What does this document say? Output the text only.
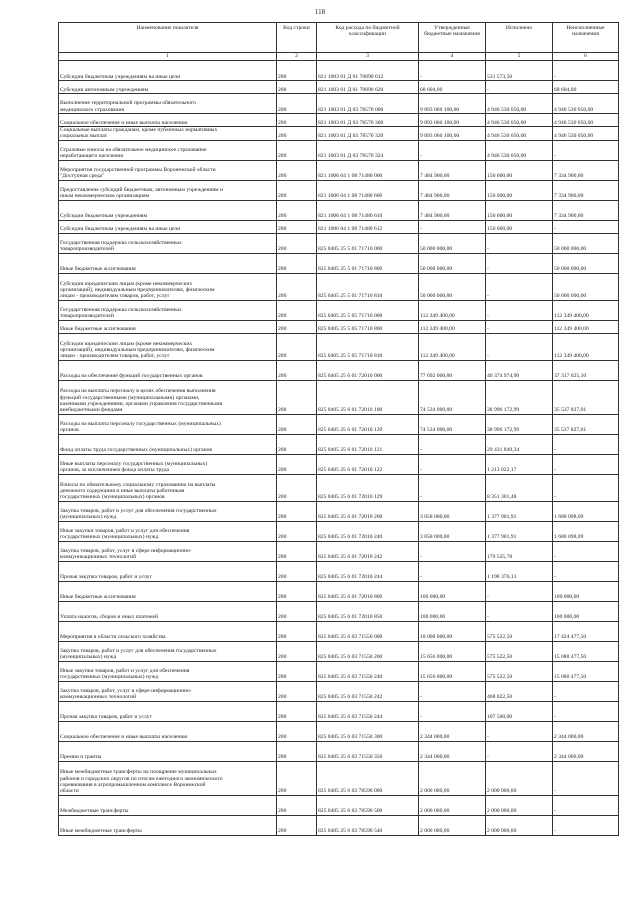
118
Наименование показателя	Код строки	Код расхода по бюджетной классификации	Утвержденные бюджетные назначения	Исполнено	Неисполненные назначения
1	2	3	4	5	6
Субсидии бюджетным учреждениям на иные цели	200	821 1003 01 Д 01 70890 612	-	531 573,50	-
Субсидии автономным учреждениям	200	821 1003 01 Д 01 70890 620	68 604,00	-	68 604,00
Выполнение территориальной программы обязательного
медицинского страхования	200	821 1003 01 Д 03 78570 000	9 893 060 100,00	4 946 530 050,00	4 946 530 050,00
Социальное обеспечение и иные выплаты населению	200	821 1003 01 Д 03 78570 300	9 893 060 100,00	4 946 530 050,00	4 946 530 050,00
Социальные выплаты гражданам, кроме публичных нормативных
социальных выплат	200	821 1003 01 Д 03 78570 320	9 893 060 100,00	4 946 530 050,00	4 946 530 050,00
Страховые взносы на обязательное медицинское страхование
неработающего населения	200	821 1003 01 Д 03 78570 324	-	4 946 530 050,00	-
Мероприятия государственной программы Воронежской области
"Доступная среда"	200	821 1006 04 1 08 71480 000	7 484 900,00	150 000,00	7 334 900,00
Предоставление субсидий бюджетным, автономным учреждениям и
иным некоммерческим организациям	200	821 1006 04 1 08 71480 600	7 484 900,00	150 000,00	7 334 900,00
Субсидии бюджетным учреждениям	200	821 1006 04 1 08 71480 610	7 484 900,00	150 000,00	7 334 900,00
Субсидии бюджетным учреждениям на иные цели	200	821 1006 04 1 08 71480 612	-	150 000,00	-
Государственная поддержка сельскохозяйственных
товаропроизводителей	200	825 0405 25 5 01 71710 000	50 000 000,00	-	50 000 000,00
Иные бюджетные ассигнования	200	825 0405 25 5 01 71710 800	50 000 000,00	-	50 000 000,00
Субсидии юридическим лицам (кроме некоммерческих
организаций), индивидуальным предпринимателям, физическим
лицам - производителям товаров, работ, услуг	200	825 0405 25 5 01 71710 810	50 000 000,00	-	50 000 000,00
Государственная поддержка сельскохозяйственных
товаропроизводителей	200	825 0405 25 5 05 71710 000	112 349 400,00	-	112 349 400,00
Иные бюджетные ассигнования	200	825 0405 25 5 05 71710 800	112 349 400,00	-	112 349 400,00
Субсидии юридическим лицам (кроме некоммерческих
организаций), индивидуальным предпринимателям, физическим
лицам - производителям товаров, работ, услуг	200	825 0405 25 5 05 71710 810	112 349 400,00	-	112 349 400,00
Расходы на обеспечение функций государственных органов	200	825 0405 25 6 01 72010 000	77 692 000,00	40 374 974,90	37 317 025,10
Расходы на выплаты персоналу в целях обеспечения выполнения
функций государственными (муниципальными) органами,
казенными учреждениями, органами управления государственными
внебюджетными фондами	200	825 0405 25 6 01 72010 100	74 534 000,00	38 996 172,99	35 537 827,01
Расходы на выплаты персоналу государственных (муниципальных)
органов	200	825 0405 25 6 01 72010 120	74 534 000,00	38 996 172,99	35 537 827,01
Фонд оплаты труда государственных (муниципальных) органов	200	825 0405 25 6 01 72010 121	-	29 431 849,34	-
Иные выплаты персоналу государственных (муниципальных)
органов, за исключением фонда оплаты труда	200	825 0405 25 6 01 72010 122	-	1 213 022,17	-
Взносы по обязательному социальному страхованию на выплаты
денежного содержания и иные выплаты работникам
государственных (муниципальных) органов	200	825 0405 25 6 01 72010 129	-	8 351 301,48	-
Закупка товаров, работ и услуг для обеспечения государственных
(муниципальных) нужд	200	825 0405 25 6 01 72010 200	3 058 000,00	1 377 901,91	1 680 098,09
Иные закупки товаров, работ и услуг для обеспечения
государственных (муниципальных) нужд	200	825 0405 25 6 01 72010 240	3 058 000,00	1 377 901,91	1 680 098,09
Закупка товаров, работ, услуг в сфере информационно-
коммуникационных технологий	200	825 0405 25 6 01 72010 242	-	179 525,78	-
Прочая закупка товаров, работ и услуг	200	825 0405 25 6 01 72010 244	-	1 198 376,13	-
Иные бюджетные ассигнования	200	825 0405 25 6 01 72010 800	100 000,00	-	100 000,00
Уплата налогов, сборов и иных платежей	200	825 0405 25 6 01 72010 850	100 000,00	-	100 000,00
Мероприятия в области сельского хозяйства	200	825 0405 25 6 03 71550 000	18 000 000,00	575 522,50	17 424 477,50
Закупка товаров, работ и услуг для обеспечения государственных
(муниципальных) нужд	200	825 0405 25 6 03 71550 200	15 656 000,00	575 522,50	15 080 477,50
Иные закупки товаров, работ и услуг для обеспечения
государственных (муниципальных) нужд	200	825 0405 25 6 03 71550 240	15 656 000,00	575 522,50	15 080 477,50
Закупка товаров, работ, услуг в сфере информационно-
коммуникационных технологий	200	825 0405 25 6 03 71550 242	-	468 022,50	-
Прочая закупка товаров, работ и услуг	200	825 0405 25 6 03 71550 244	-	107 500,00	-
Социальное обеспечение и иные выплаты населению	200	825 0405 25 6 03 71550 300	2 344 000,00	-	2 344 000,00
Премии и гранты	200	825 0405 25 6 03 71550 350	2 344 000,00	-	2 344 000,00
Иные межбюджетные трансферты на поощрение муниципальных
районов и городских округов по итогам ежегодного экономического
соревнования в агропромышленном комплексе Воронежской
области	200	825 0405 25 6 03 78590 000	2 000 000,00	2 000 000,00	-
Межбюджетные трансферты	200	825 0405 25 6 03 78590 500	2 000 000,00	2 000 000,00	-
Иные межбюджетные трансферты	200	825 0405 25 6 03 78590 540	2 000 000,00	2 000 000,00	-
